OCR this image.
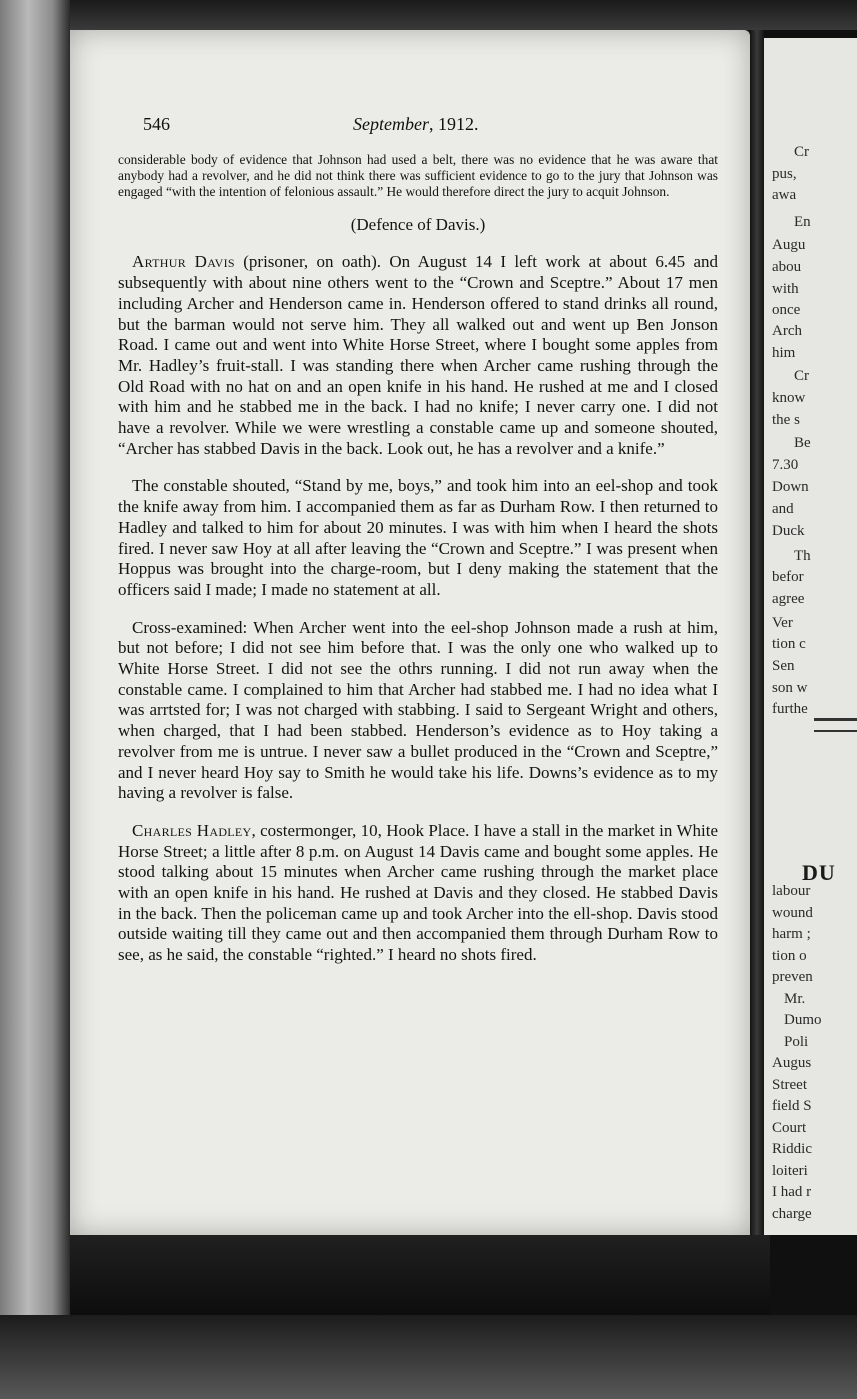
Cr
pus,
awa
En
Augu
abou
with
once
Arch
him
Cr
know
the s
Be
7.30
Down
and
Duck
Th
befor
agree
Ver
tion c
Sen
son w
furthe
DU
labour
wound
harm ;
tion o
preven
Mr.
Dumo
Poli
Augus
Street
field S
Court
Riddic
loiteri
I had r
charge
546	September, 1912.

considerable body of evidence that Johnson had used a belt, there was no evidence that he was aware that anybody had a revolver, and he did not think there was sufficient evidence to go to the jury that Johnson was engaged “with the intention of felonious assault.” He would therefore direct the jury to acquit Johnson.

(Defence of Davis.)

Arthur Davis (prisoner, on oath). On August 14 I left work at about 6.45 and subsequently with about nine others went to the “Crown and Sceptre.” About 17 men including Archer and Henderson came in. Henderson offered to stand drinks all round, but the barman would not serve him. They all walked out and went up Ben Jonson Road. I came out and went into White Horse Street, where I bought some apples from Mr. Hadley’s fruit-stall. I was standing there when Archer came rushing through the Old Road with no hat on and an open knife in his hand. He rushed at me and I closed with him and he stabbed me in the back. I had no knife; I never carry one. I did not have a revolver. While we were wrestling a constable came up and someone shouted, “Archer has stabbed Davis in the back. Look out, he has a revolver and a knife.”

The constable shouted, “Stand by me, boys,” and took him into an eel-shop and took the knife away from him. I accompanied them as far as Durham Row. I then returned to Hadley and talked to him for about 20 minutes. I was with him when I heard the shots fired. I never saw Hoy at all after leaving the “Crown and Sceptre.” I was present when Hoppus was brought into the charge-room, but I deny making the statement that the officers said I made; I made no statement at all.

Cross-examined: When Archer went into the eel-shop Johnson made a rush at him, but not before; I did not see him before that. I was the only one who walked up to White Horse Street. I did not see the othrs running. I did not run away when the constable came. I complained to him that Archer had stabbed me. I had no idea what I was arrtsted for; I was not charged with stabbing. I said to Sergeant Wright and others, when charged, that I had been stabbed. Henderson’s evidence as to Hoy taking a revolver from me is untrue. I never saw a bullet produced in the “Crown and Sceptre,” and I never heard Hoy say to Smith he would take his life. Downs’s evidence as to my having a revolver is false.

Charles Hadley, costermonger, 10, Hook Place. I have a stall in the market in White Horse Street; a little after 8 p.m. on August 14 Davis came and bought some apples. He stood talking about 15 minutes when Archer came rushing through the market place with an open knife in his hand. He rushed at Davis and they closed. He stabbed Davis in the back. Then the policeman came up and took Archer into the ell-shop. Davis stood outside waiting till they came out and then accompanied them through Durham Row to see, as he said, the constable “righted.” I heard no shots fired.
